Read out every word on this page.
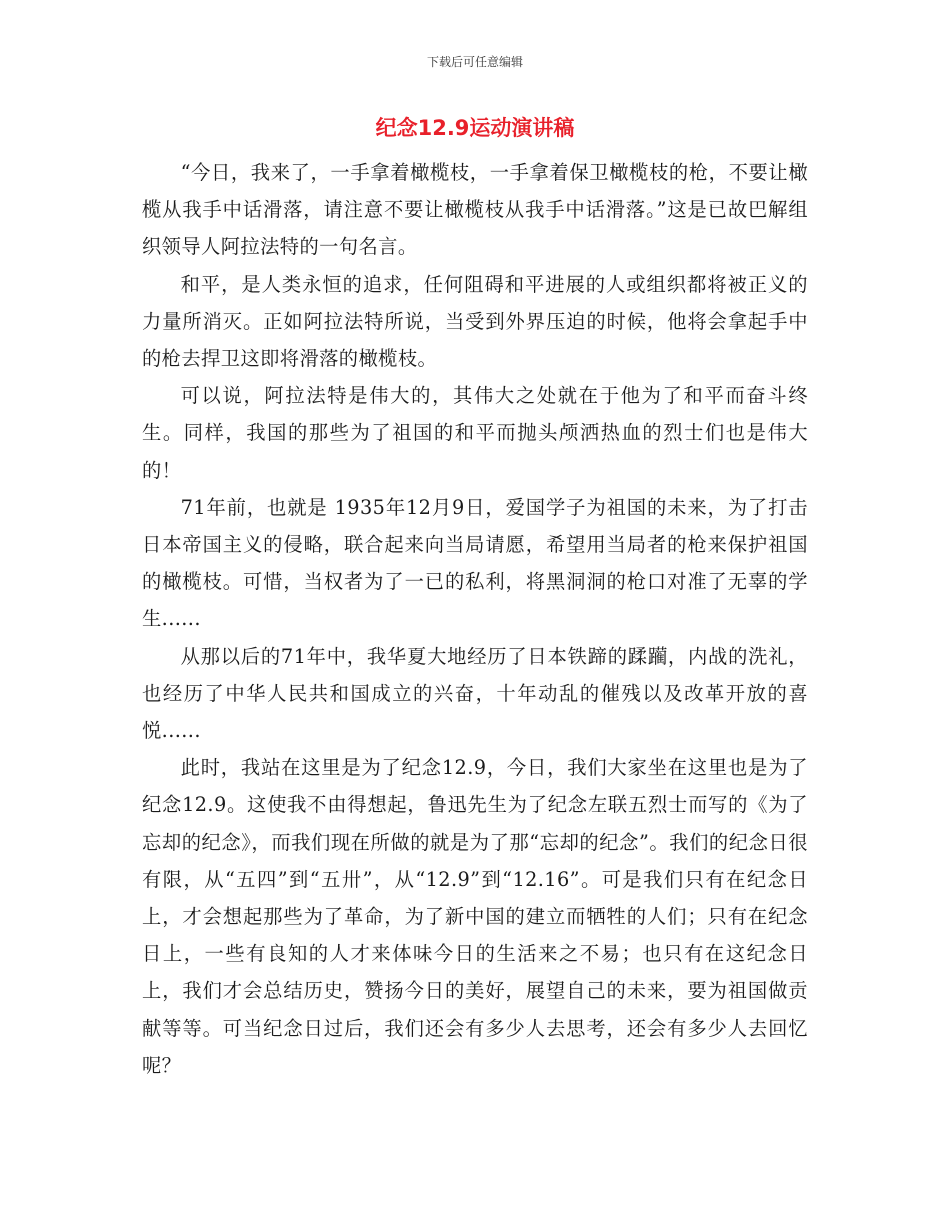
下载后可任意编辑
纪念12.9运动演讲稿

“今日，我来了，一手拿着橄榄枝，一手拿着保卫橄榄枝的枪，不要让橄榄从我手中话滑落，请注意不要让橄榄枝从我手中话滑落。”这是已故巴解组织领导人阿拉法特的一句名言。

和平，是人类永恒的追求，任何阻碍和平进展的人或组织都将被正义的力量所消灭。正如阿拉法特所说，当受到外界压迫的时候，他将会拿起手中的枪去捍卫这即将滑落的橄榄枝。

可以说，阿拉法特是伟大的，其伟大之处就在于他为了和平而奋斗终生。同样，我国的那些为了祖国的和平而抛头颅洒热血的烈士们也是伟大的！

71年前，也就是 1935年12月9日，爱国学子为祖国的未来，为了打击日本帝国主义的侵略，联合起来向当局请愿，希望用当局者的枪来保护祖国的橄榄枝。可惜，当权者为了一已的私利，将黑洞洞的枪口对准了无辜的学生......

从那以后的71年中，我华夏大地经历了日本铁蹄的蹂躏，内战的洗礼，也经历了中华人民共和国成立的兴奋，十年动乱的催残以及改革开放的喜悦......

此时，我站在这里是为了纪念12.9，今日，我们大家坐在这里也是为了纪念12.9。这使我不由得想起，鲁迅先生为了纪念左联五烈士而写的《为了忘却的纪念》，而我们现在所做的就是为了那“忘却的纪念”。我们的纪念日很有限，从“五四”到“五卅”，从“12.9”到“12.16”。可是我们只有在纪念日上，才会想起那些为了革命，为了新中国的建立而牺牲的人们；只有在纪念日上，一些有良知的人才来体味今日的生活来之不易；也只有在这纪念日上，我们才会总结历史，赞扬今日的美好，展望自己的未来，要为祖国做贡献等等。可当纪念日过后，我们还会有多少人去思考，还会有多少人去回忆呢？
